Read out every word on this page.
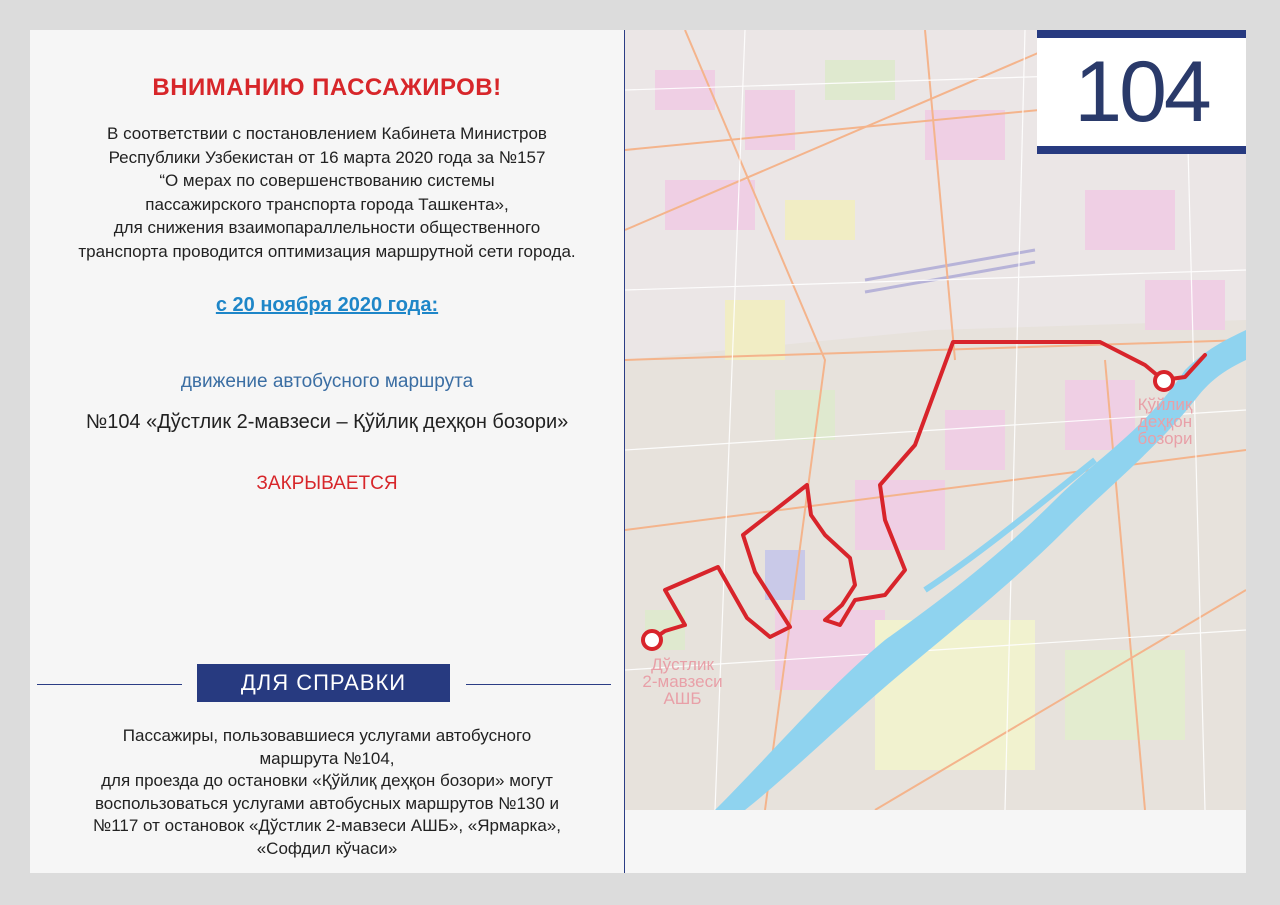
ВНИМАНИЮ ПАССАЖИРОВ!
В соответствии с постановлением Кабинета Министров
Республики Узбекистан от 16 марта 2020 года за №157
“О мерах по совершенствованию системы
пассажирского транспорта города Ташкента»,
для снижения взаимопараллельности общественного
транспорта проводится оптимизация маршрутной сети города.
с 20 ноября 2020 года:
движение автобусного маршрута
№104 «Дўстлик 2-мавзеси – Қўйлиқ деҳқон бозори»
ЗАКРЫВАЕТСЯ
ДЛЯ СПРАВКИ
Пассажиры, пользовавшиеся услугами автобусного
маршрута №104,
для проезда до остановки «Қўйлиқ деҳқон бозори» могут
воспользоваться услугами автобусных маршрутов №130 и
№117 от остановок «Дўстлик 2-мавзеси АШБ», «Ярмарка»,
«Софдил кўчаси»
Дўстлик
2-мавзеси
АШБ
Қўйлиқ
деҳқон
бозори
104
